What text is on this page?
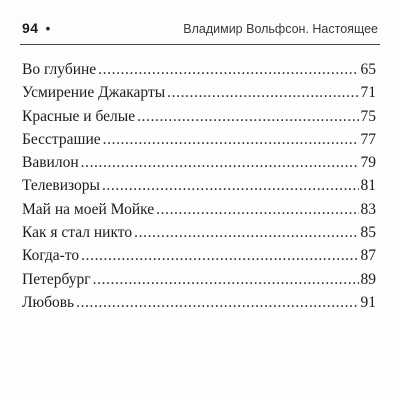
94 •	Владимир Вольфсон. Настоящее
Во глубине .....	65
Усмирение Джакарты .....	71
Красные и белые .....	75
Бесстрашие .....	77
Вавилон .....	79
Телевизоры .....	81
Май на моей Мойке .....	83
Как я стал никто .....	85
Когда-то .....	87
Петербург .....	89
Любовь .....	91
